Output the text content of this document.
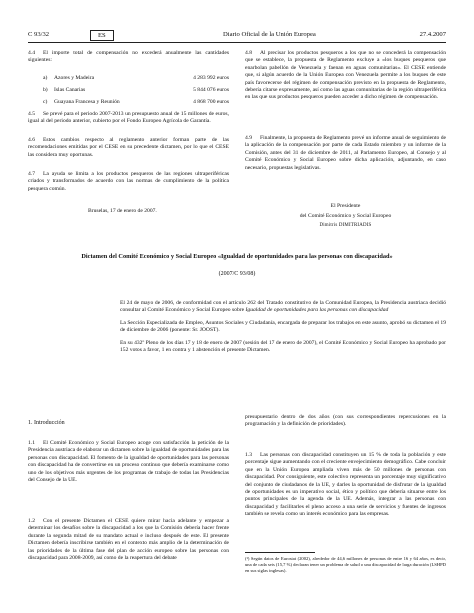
C 93/32	ES	Diario Oficial de la Unión Europea	27.4.2007

4.4 El importe total de compensación no excederá anualmente las cantidades siguientes:

a) Azores y Madeira	4 283 992 euros
b) Islas Canarias	5 844 076 euros
c) Guayana Francesa y Reunión	4 868 700 euros

4.5 Se prevé para el periodo 2007-2013 un presupuesto anual de 15 millones de euros, igual al del periodo anterior, cubierto por el Fondo Europeo Agrícola de Garantía.

4.6 Estos cambios respecto al reglamento anterior forman parte de las recomendaciones emitidas por el CESE en su precedente dictamen, por lo que el CESE las considera muy oportunas.

4.7 La ayuda se limita a los productos pesqueros de las regiones ultraperiféricas criados y transformados de acuerdo con las normas de cumplimiento de la política pesquera común.

Bruselas, 17 de enero de 2007.

4.8 Al precisar los productos pesqueros a los que no se concederá la compensación que se establece, la propuesta de Reglamento excluye a «los buques pesqueros que enarbolan pabellón de Venezuela y faenan en aguas comunitarias». El CESE entiende que, si algún acuerdo de la Unión Europea con Venezuela permite a los buques de este país favorecerse del régimen de compensación previsto en la propuesta de Reglamento, debería citarse expresamente, así como las aguas comunitarias de la región ultraperiférica en las que sus productos pesqueros pueden acceder a dicho régimen de compensación.

4.9 Finalmente, la propuesta de Reglamento prevé un informe anual de seguimiento de la aplicación de la compensación por parte de cada Estado miembro y un informe de la Comisión, antes del 31 de diciembre de 2011, al Parlamento Europeo, al Consejo y al Comité Económico y Social Europeo sobre dicha aplicación, adjuntando, en caso necesario, propuestas legislativas.

El Presidente

del Comité Económico y Social Europeo

Dimitris DIMITRIADIS

Dictamen del Comité Económico y Social Europeo «Igualdad de oportunidades para las personas con discapacidad»

(2007/C 93/08)

El 24 de mayo de 2006, de conformidad con el artículo 262 del Tratado constitutivo de la Comunidad Europea, la Presidencia austriaca decidió consultar al Comité Económico y Social Europeo sobre Igualdad de oportunidades para las personas con discapacidad

La Sección Especializada de Empleo, Asuntos Sociales y Ciudadanía, encargada de preparar los trabajos en este asunto, aprobó su dictamen el 19 de diciembre de 2006 (ponente: Sr. JOOST).

En su 432º Pleno de los días 17 y 18 de enero de 2007 (sesión del 17 de enero de 2007), el Comité Económico y Social Europeo ha aprobado por 152 votos a favor, 1 en contra y 1 abstención el presente Dictamen.

1. Introducción

1.1 El Comité Económico y Social Europeo acoge con satisfacción la petición de la Presidencia austriaca de elaborar un dictamen sobre la igualdad de oportunidades para las personas con discapacidad. El fomento de la igualdad de oportunidades para las personas con discapacidad ha de convertirse en un proceso continuo que debería examinarse como uno de los objetivos más urgentes de los programas de trabajo de todas las Presidencias del Consejo de la UE.

1.2 Con el presente Dictamen el CESE quiere mirar hacia adelante y empezar a determinar los desafíos sobre la discapacidad a los que la Comisión debería hacer frente durante la segunda mitad de su mandato actual e incluso después de este. El presente Dictamen debería inscribirse también en el contexto más amplio de la determinación de las prioridades de la última fase del plan de acción europeo sobre las personas con discapacidad para 2008-2009, así como de la reapertura del debate

presupuestario dentro de dos años (con sus correspondientes repercusiones en la programación y la definición de prioridades).

1.3 Las personas con discapacidad constituyen un 15 % de toda la población y este porcentaje sigue aumentando con el creciente envejecimiento demográfico. Cabe concluir que en la Unión Europea ampliada viven más de 50 millones de personas con discapacidad. Por consiguiente, este colectivo representa un porcentaje muy significativo del conjunto de ciudadanos de la UE, y darles la oportunidad de disfrutar de la igualdad de oportunidades es un imperativo social, ético y político que debería situarse entre los puntos principales de la agenda de la UE. Además, integrar a las personas con discapacidad y facilitarles el pleno acceso a una serie de servicios y fuentes de ingresos también se revela como un interés económico para las empresas.

(¹) Según datos de Eurostat (2002), alrededor de 44,6 millones de personas de entre 16 y 64 años, es decir, una de cada seis (15,7 %) declaran tener un problema de salud o una discapacidad de larga duración (LSHPD en sus siglas inglesas).
